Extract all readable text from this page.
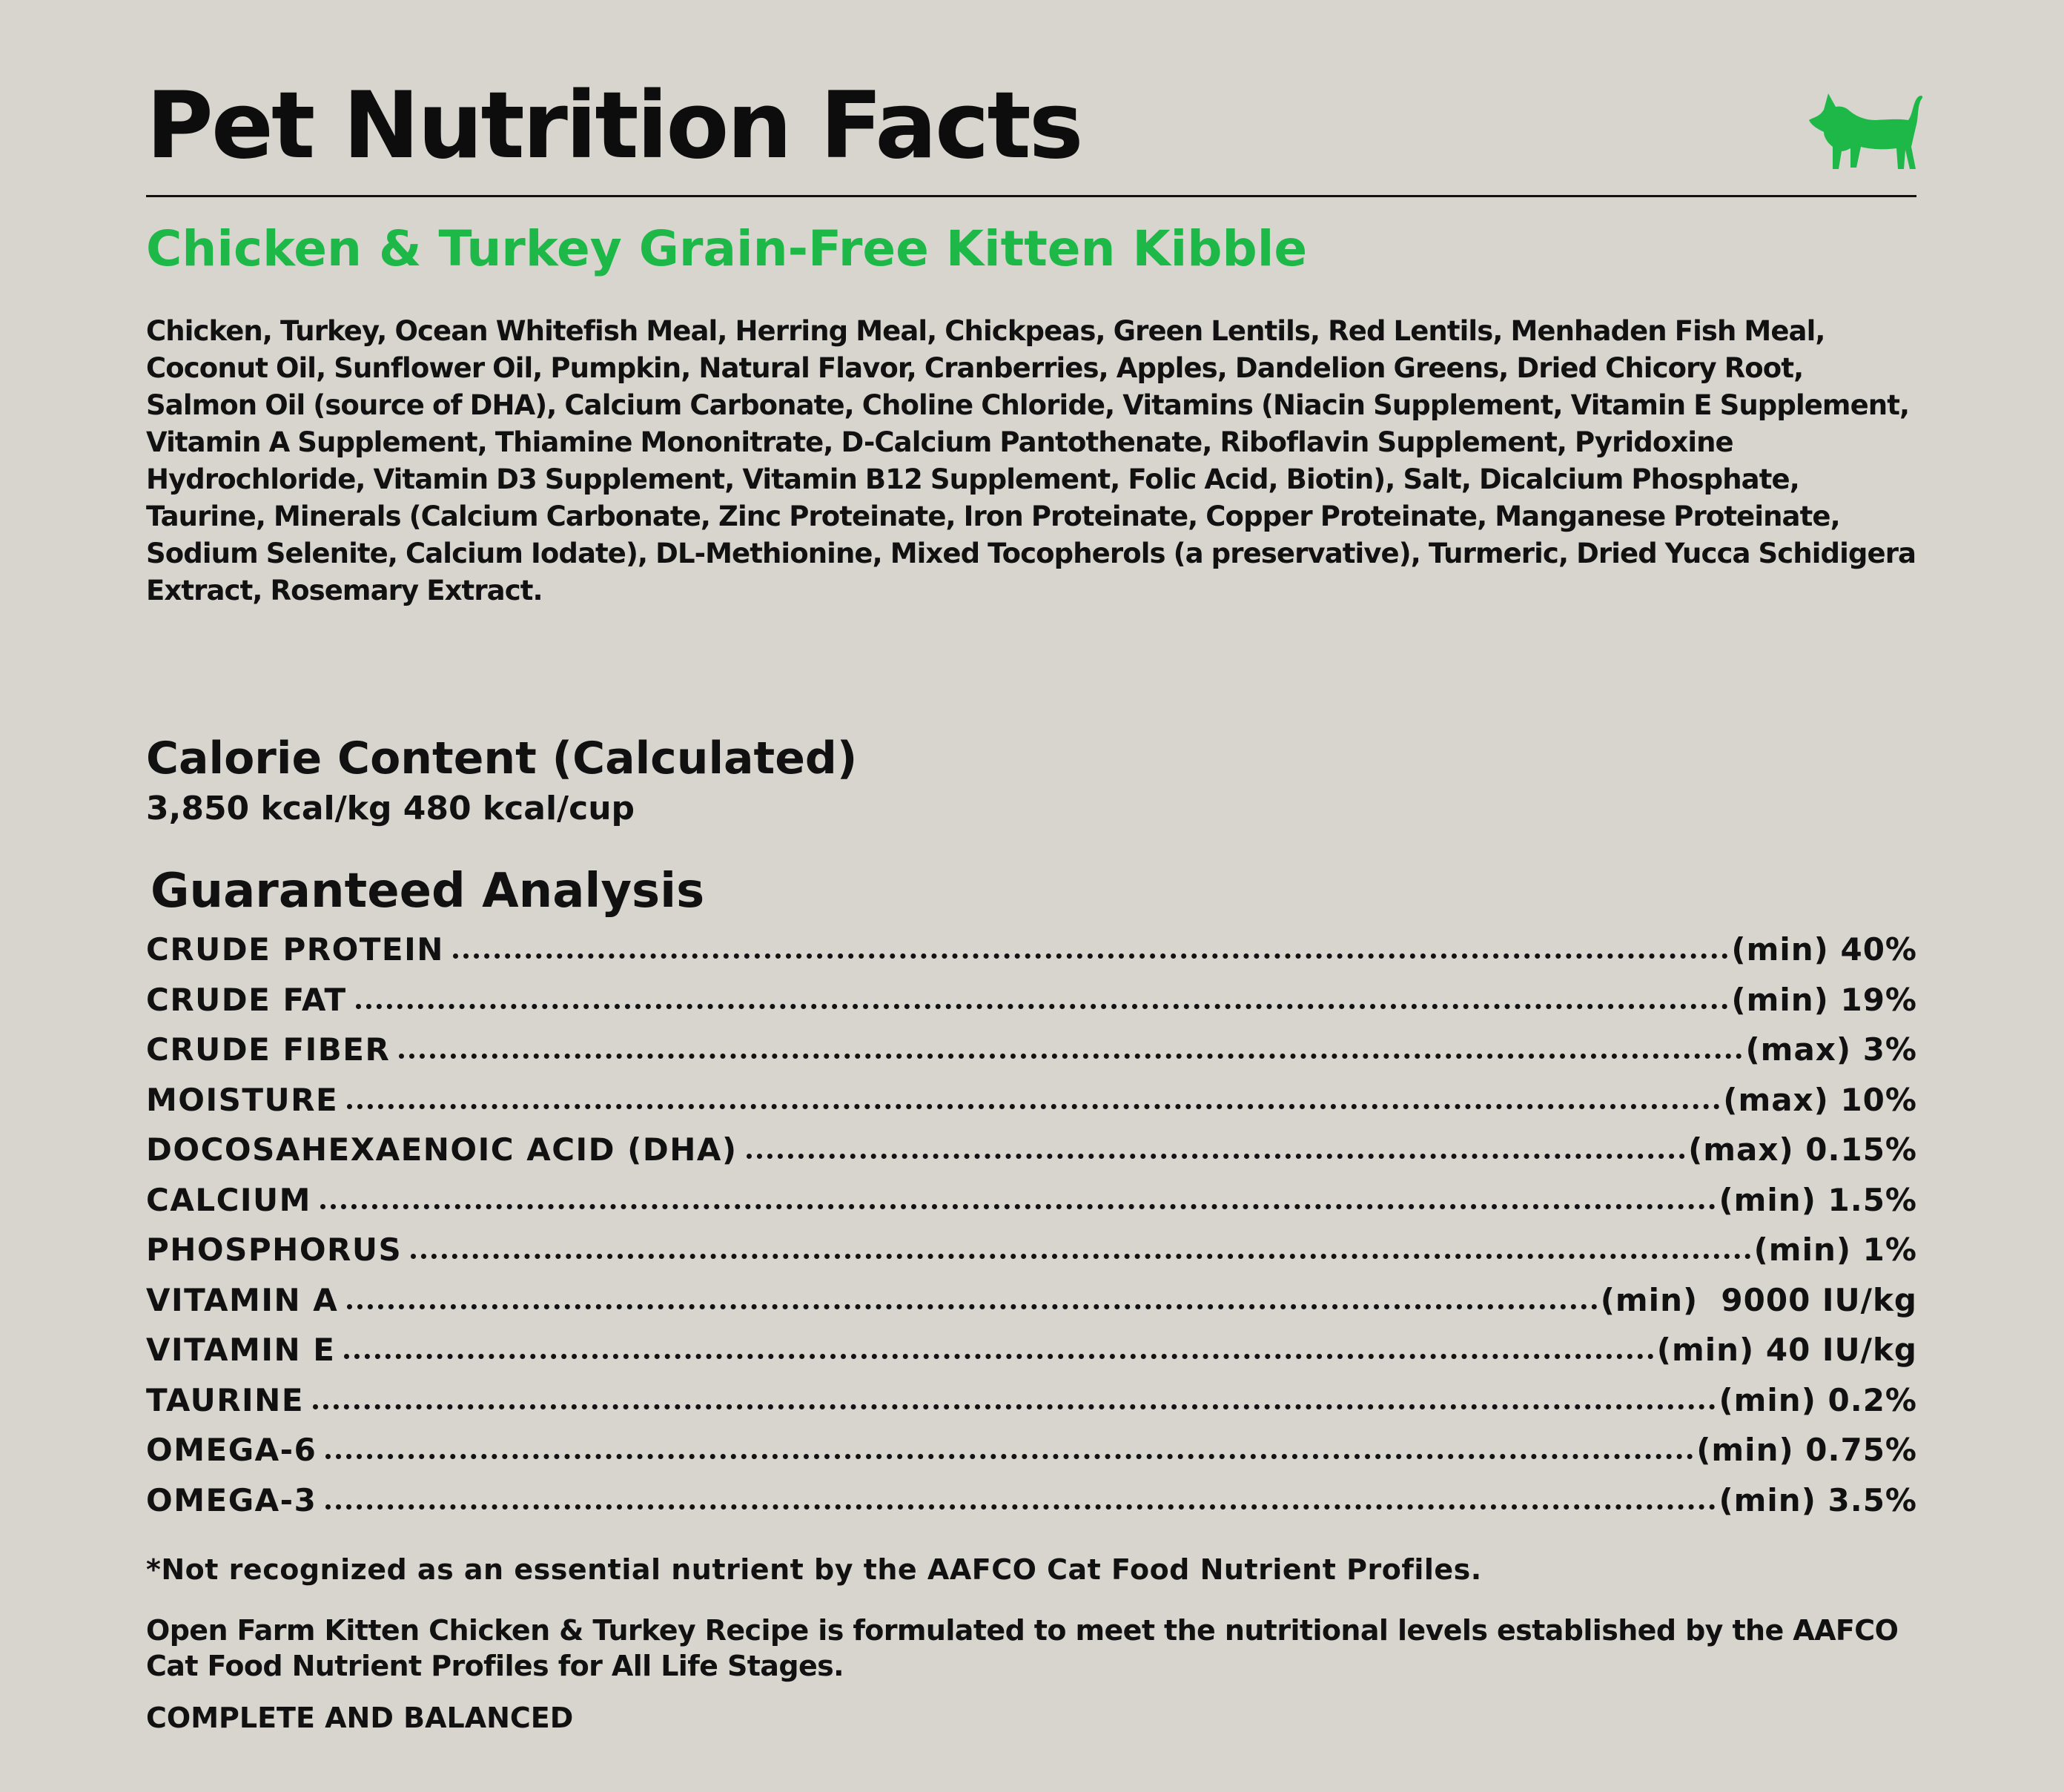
Pet Nutrition Facts
Chicken & Turkey Grain-Free Kitten Kibble

Chicken, Turkey, Ocean Whitefish Meal, Herring Meal, Chickpeas, Green Lentils, Red Lentils, Menhaden Fish Meal, Coconut Oil, Sunflower Oil, Pumpkin, Natural Flavor, Cranberries, Apples, Dandelion Greens, Dried Chicory Root, Salmon Oil (source of DHA), Calcium Carbonate, Choline Chloride, Vitamins (Niacin Supplement, Vitamin E Supplement, Vitamin A Supplement, Thiamine Mononitrate, D-Calcium Pantothenate, Riboflavin Supplement, Pyridoxine Hydrochloride, Vitamin D3 Supplement, Vitamin B12 Supplement, Folic Acid, Biotin), Salt, Dicalcium Phosphate, Taurine, Minerals (Calcium Carbonate, Zinc Proteinate, Iron Proteinate, Copper Proteinate, Manganese Proteinate, Sodium Selenite, Calcium Iodate), DL-Methionine, Mixed Tocopherols (a preservative), Turmeric, Dried Yucca Schidigera Extract, Rosemary Extract.

Calorie Content (Calculated)

3,850 kcal/kg 480 kcal/cup

Guaranteed Analysis
CRUDE PROTEIN	(min) 40%
CRUDE FAT	(min) 19%
CRUDE FIBER	(max) 3%
MOISTURE	(max) 10%
DOCOSAHEXAENOIC ACID (DHA)	(max) 0.15%
CALCIUM	(min) 1.5%
PHOSPHORUS	(min) 1%
VITAMIN A	(min)  9000 IU/kg
VITAMIN E	(min) 40 IU/kg
TAURINE	(min) 0.2%
OMEGA-6	(min) 0.75%
OMEGA-3	(min) 3.5%

*Not recognized as an essential nutrient by the AAFCO Cat Food Nutrient Profiles.

Open Farm Kitten Chicken & Turkey Recipe is formulated to meet the nutritional levels established by the AAFCO Cat Food Nutrient Profiles for All Life Stages.

COMPLETE AND BALANCED
